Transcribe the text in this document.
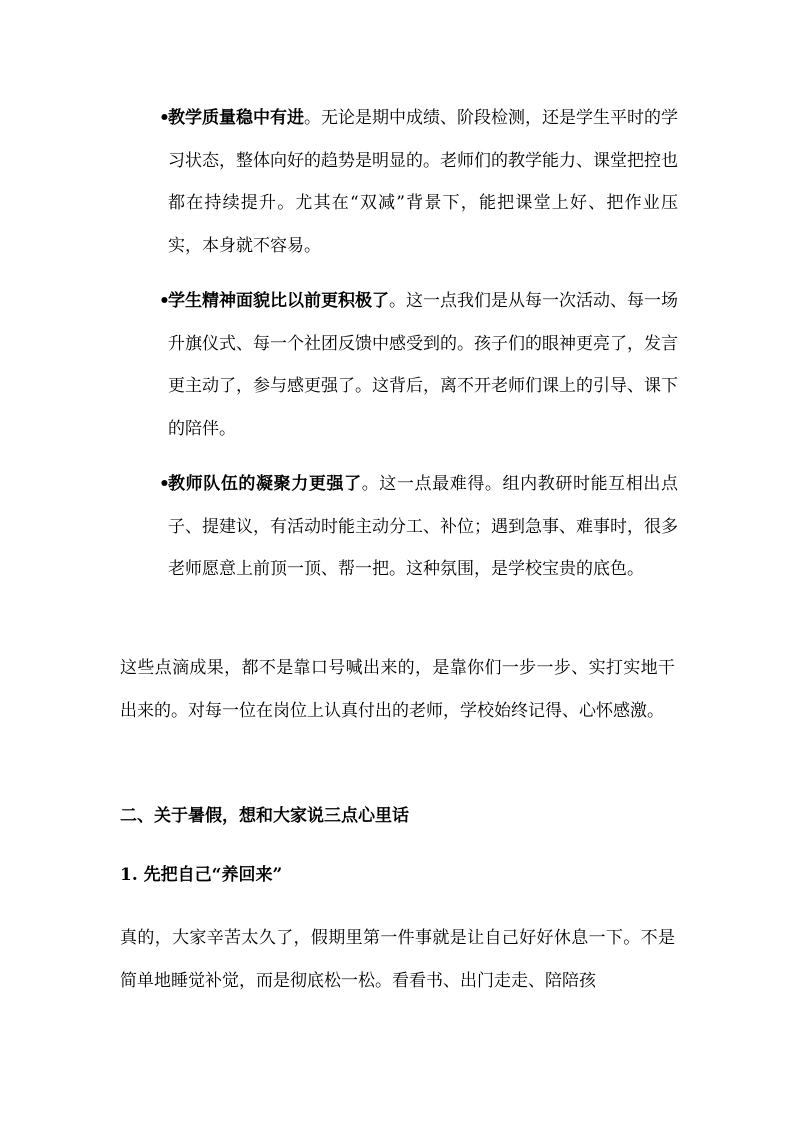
•
教学质量稳中有进。无论是期中成绩、阶段检测，还是学生平时的学习状态，整体向好的趋势是明显的。老师们的教学能力、课堂把控也都在持续提升。尤其在“双减”背景下，能把课堂上好、把作业压实，本身就不容易。
•
学生精神面貌比以前更积极了。这一点我们是从每一次活动、每一场升旗仪式、每一个社团反馈中感受到的。孩子们的眼神更亮了，发言更主动了，参与感更强了。这背后，离不开老师们课上的引导、课下的陪伴。
•
教师队伍的凝聚力更强了。这一点最难得。组内教研时能互相出点子、提建议，有活动时能主动分工、补位；遇到急事、难事时，很多老师愿意上前顶一顶、帮一把。这种氛围，是学校宝贵的底色。
这些点滴成果，都不是靠口号喊出来的，是靠你们一步一步、实打实地干出来的。对每一位在岗位上认真付出的老师，学校始终记得、心怀感激。
二、关于暑假，想和大家说三点心里话
1. 先把自己“养回来”
真的，大家辛苦太久了，假期里第一件事就是让自己好好休息一下。不是简单地睡觉补觉，而是彻底松一松。看看书、出门走走、陪陪孩
